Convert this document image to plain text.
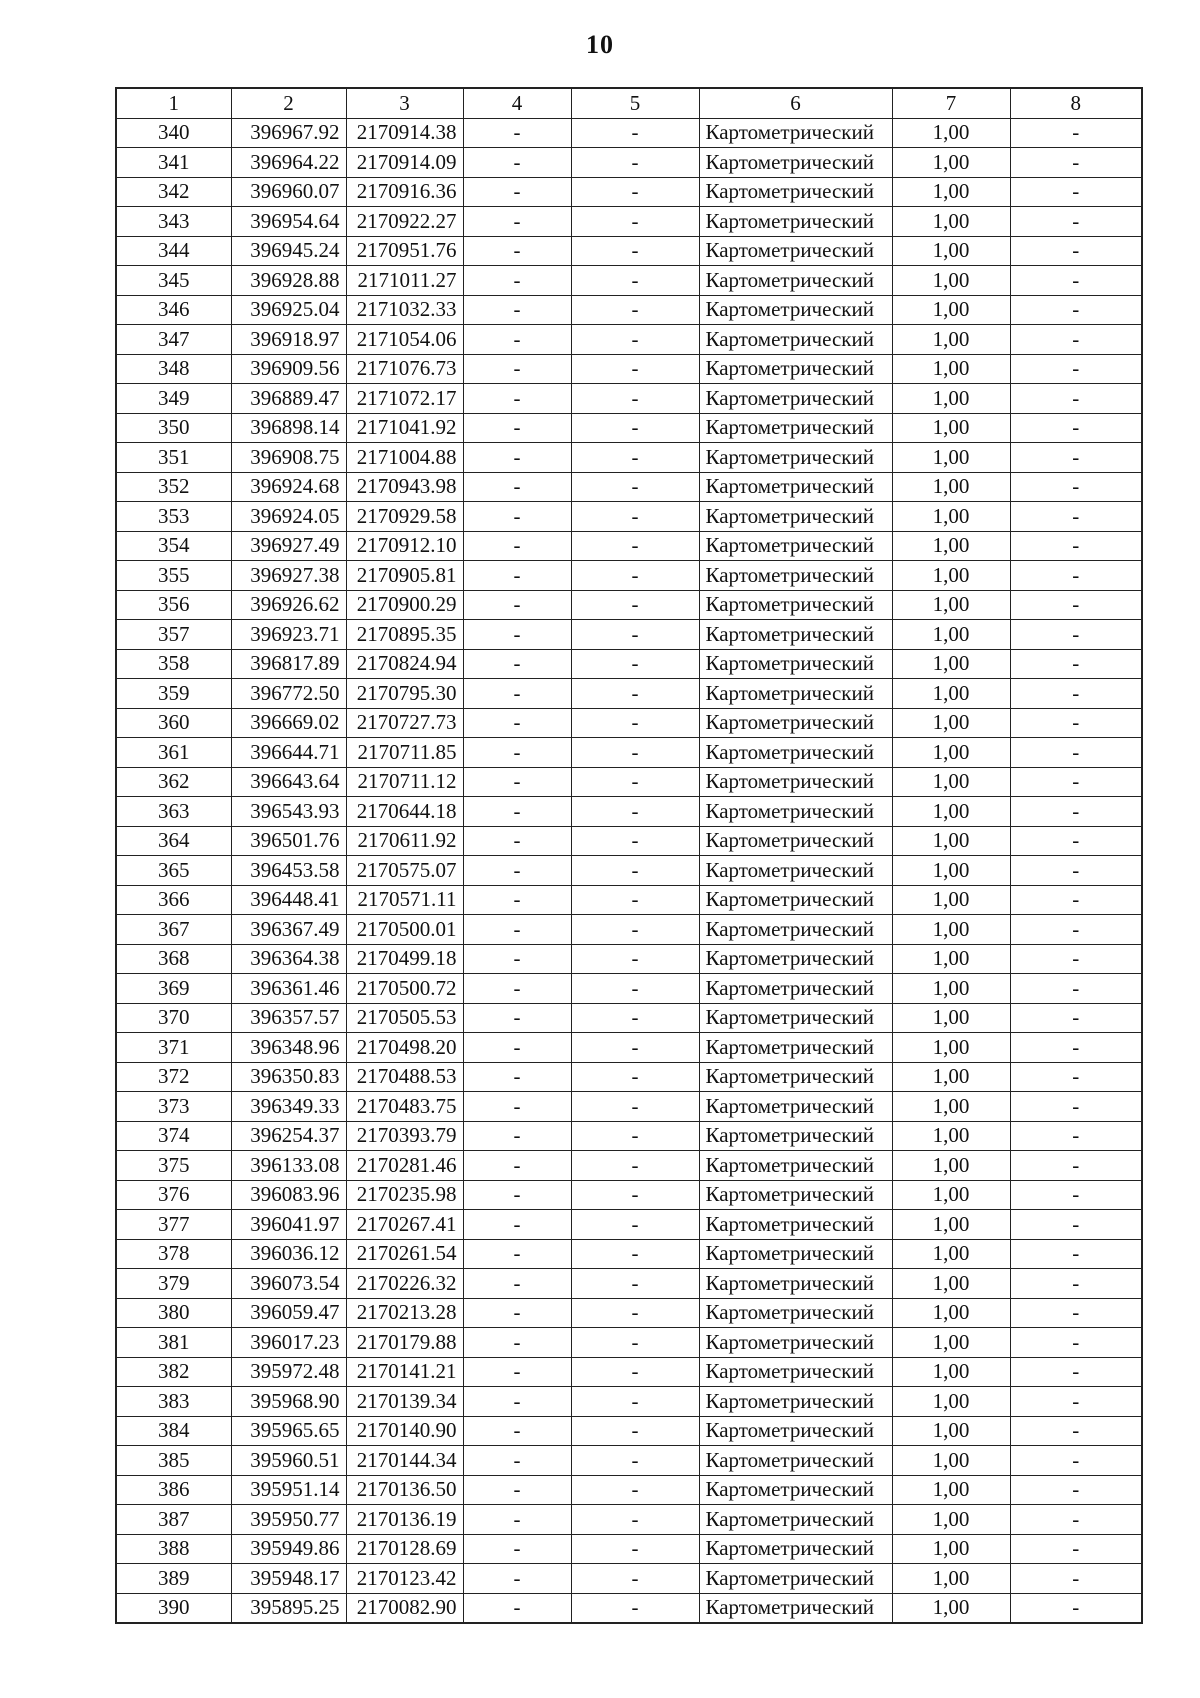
10
1	2	3	4	5	6	7	8
340	396967.92	2170914.38	-	-	Картометрический	1,00	-
341	396964.22	2170914.09	-	-	Картометрический	1,00	-
342	396960.07	2170916.36	-	-	Картометрический	1,00	-
343	396954.64	2170922.27	-	-	Картометрический	1,00	-
344	396945.24	2170951.76	-	-	Картометрический	1,00	-
345	396928.88	2171011.27	-	-	Картометрический	1,00	-
346	396925.04	2171032.33	-	-	Картометрический	1,00	-
347	396918.97	2171054.06	-	-	Картометрический	1,00	-
348	396909.56	2171076.73	-	-	Картометрический	1,00	-
349	396889.47	2171072.17	-	-	Картометрический	1,00	-
350	396898.14	2171041.92	-	-	Картометрический	1,00	-
351	396908.75	2171004.88	-	-	Картометрический	1,00	-
352	396924.68	2170943.98	-	-	Картометрический	1,00	-
353	396924.05	2170929.58	-	-	Картометрический	1,00	-
354	396927.49	2170912.10	-	-	Картометрический	1,00	-
355	396927.38	2170905.81	-	-	Картометрический	1,00	-
356	396926.62	2170900.29	-	-	Картометрический	1,00	-
357	396923.71	2170895.35	-	-	Картометрический	1,00	-
358	396817.89	2170824.94	-	-	Картометрический	1,00	-
359	396772.50	2170795.30	-	-	Картометрический	1,00	-
360	396669.02	2170727.73	-	-	Картометрический	1,00	-
361	396644.71	2170711.85	-	-	Картометрический	1,00	-
362	396643.64	2170711.12	-	-	Картометрический	1,00	-
363	396543.93	2170644.18	-	-	Картометрический	1,00	-
364	396501.76	2170611.92	-	-	Картометрический	1,00	-
365	396453.58	2170575.07	-	-	Картометрический	1,00	-
366	396448.41	2170571.11	-	-	Картометрический	1,00	-
367	396367.49	2170500.01	-	-	Картометрический	1,00	-
368	396364.38	2170499.18	-	-	Картометрический	1,00	-
369	396361.46	2170500.72	-	-	Картометрический	1,00	-
370	396357.57	2170505.53	-	-	Картометрический	1,00	-
371	396348.96	2170498.20	-	-	Картометрический	1,00	-
372	396350.83	2170488.53	-	-	Картометрический	1,00	-
373	396349.33	2170483.75	-	-	Картометрический	1,00	-
374	396254.37	2170393.79	-	-	Картометрический	1,00	-
375	396133.08	2170281.46	-	-	Картометрический	1,00	-
376	396083.96	2170235.98	-	-	Картометрический	1,00	-
377	396041.97	2170267.41	-	-	Картометрический	1,00	-
378	396036.12	2170261.54	-	-	Картометрический	1,00	-
379	396073.54	2170226.32	-	-	Картометрический	1,00	-
380	396059.47	2170213.28	-	-	Картометрический	1,00	-
381	396017.23	2170179.88	-	-	Картометрический	1,00	-
382	395972.48	2170141.21	-	-	Картометрический	1,00	-
383	395968.90	2170139.34	-	-	Картометрический	1,00	-
384	395965.65	2170140.90	-	-	Картометрический	1,00	-
385	395960.51	2170144.34	-	-	Картометрический	1,00	-
386	395951.14	2170136.50	-	-	Картометрический	1,00	-
387	395950.77	2170136.19	-	-	Картометрический	1,00	-
388	395949.86	2170128.69	-	-	Картометрический	1,00	-
389	395948.17	2170123.42	-	-	Картометрический	1,00	-
390	395895.25	2170082.90	-	-	Картометрический	1,00	-
